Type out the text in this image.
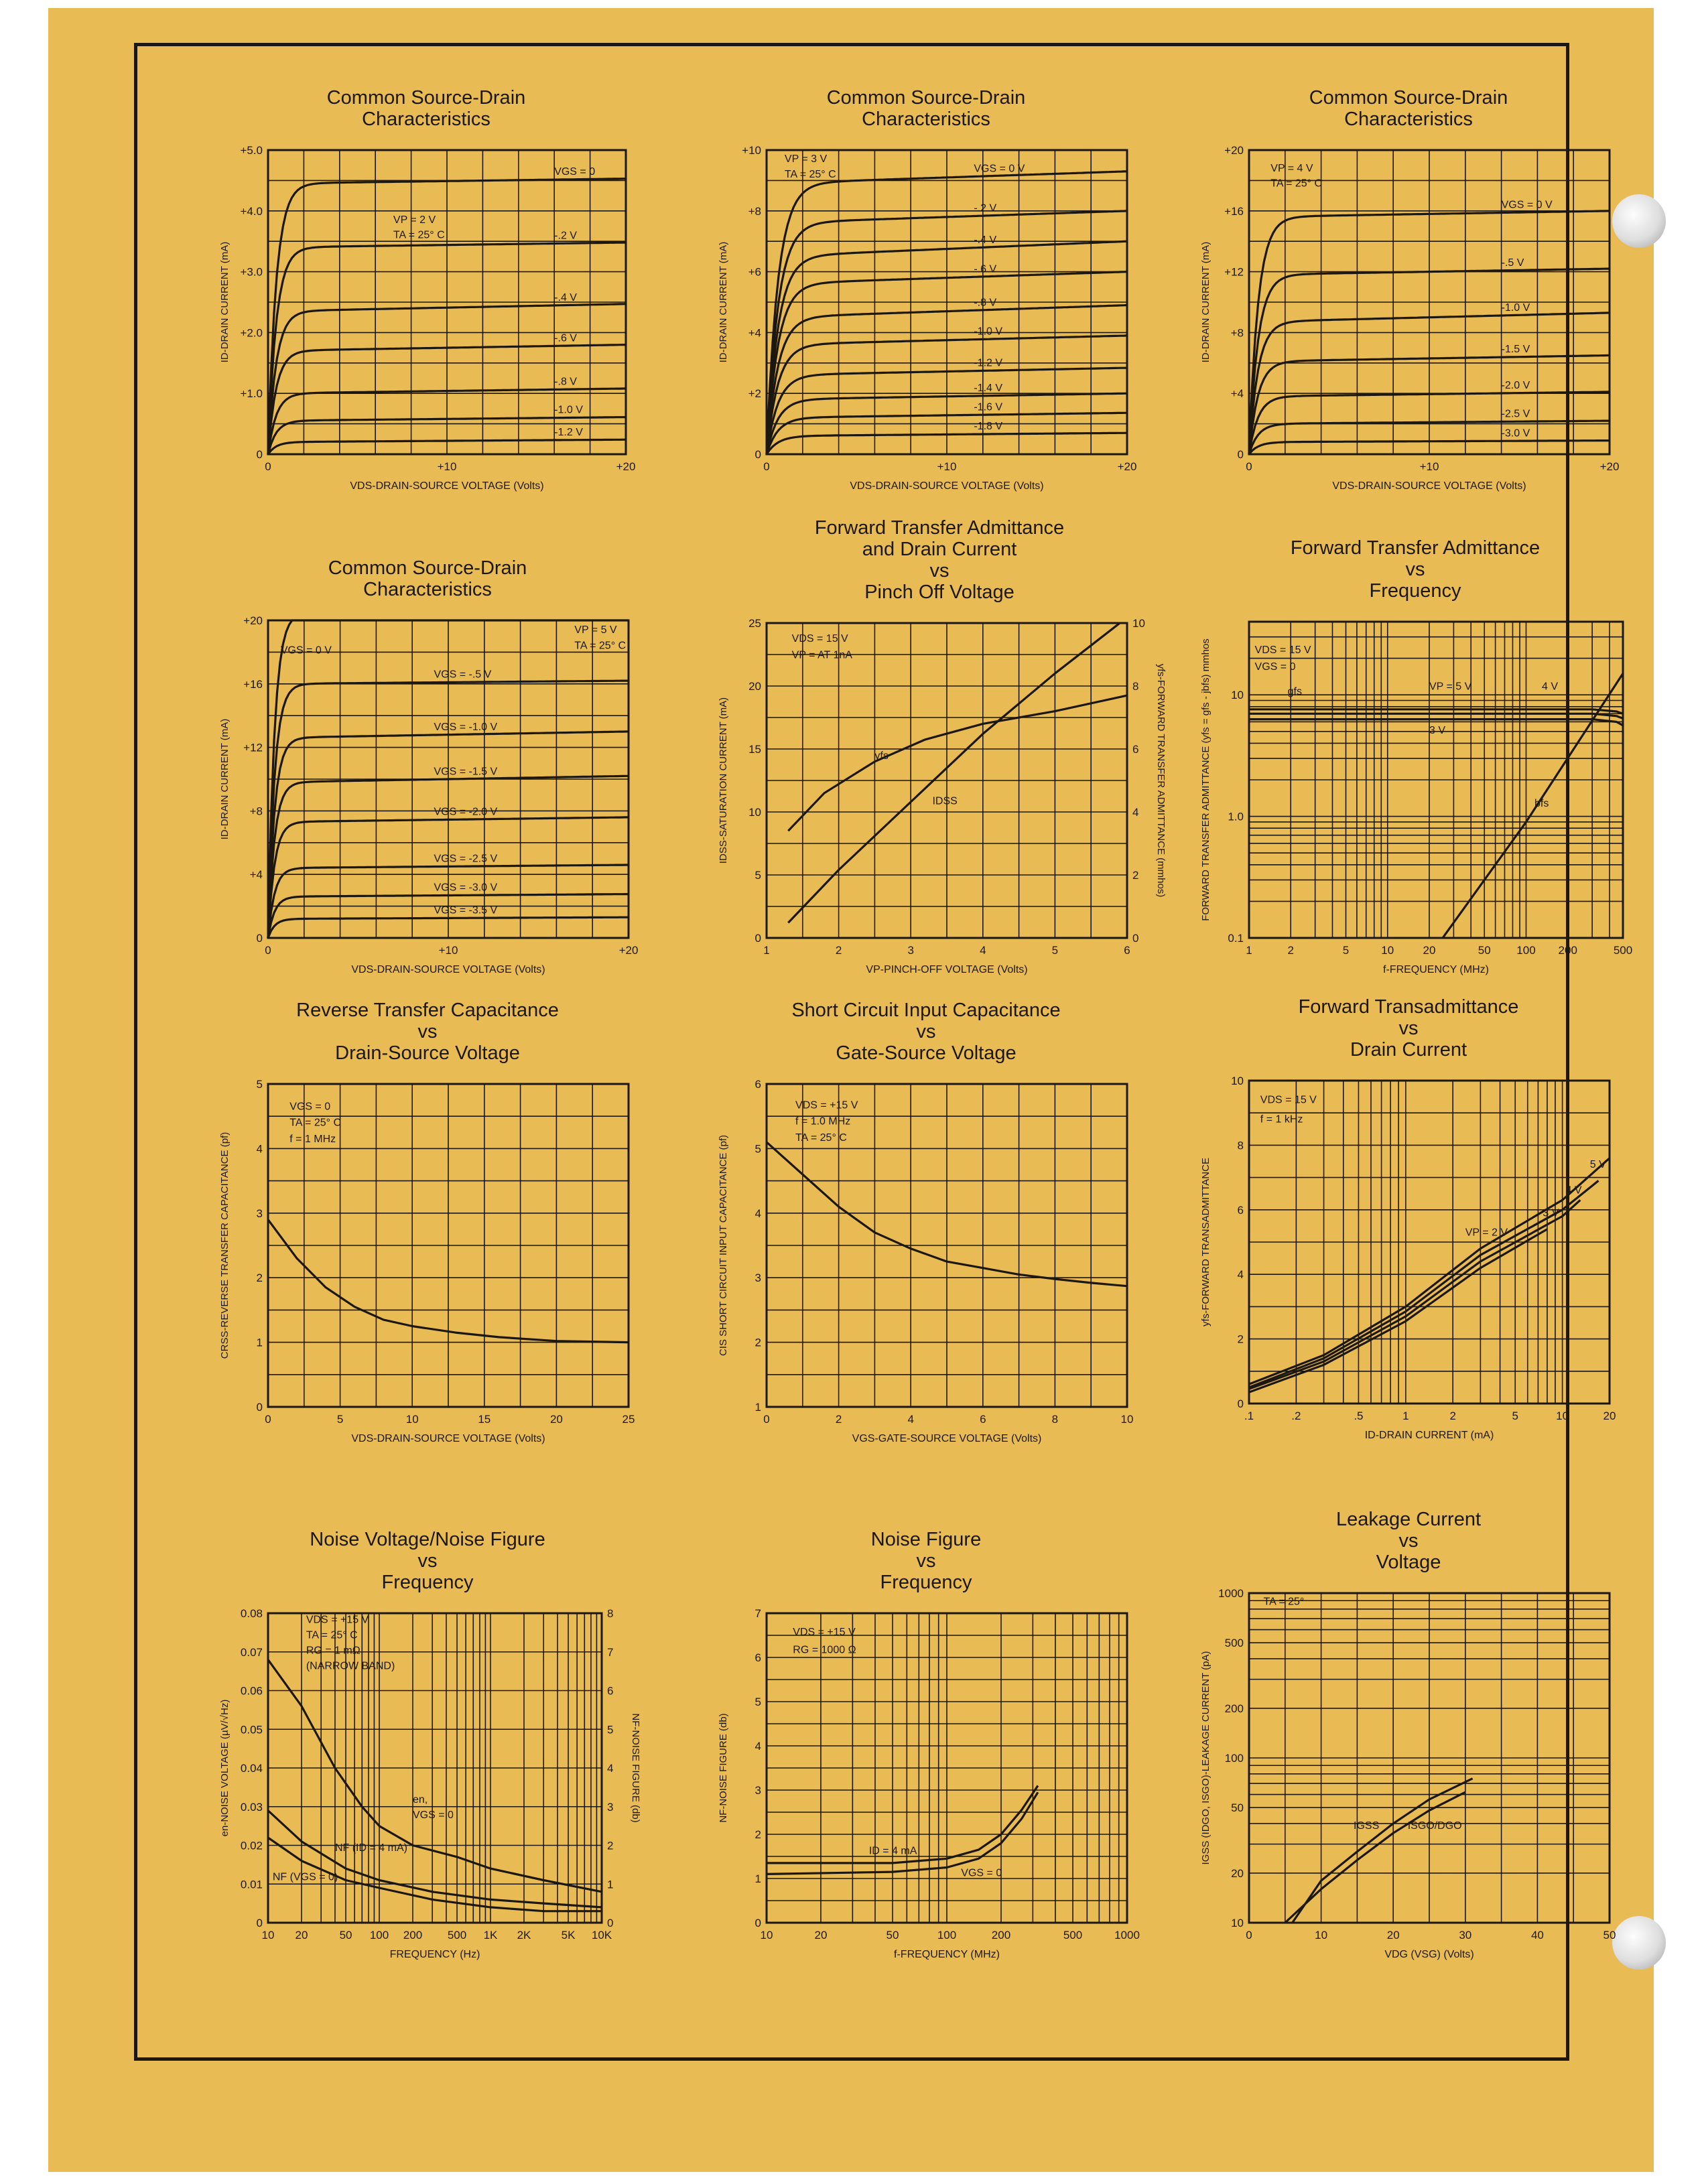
Common Source-Drain
Characteristics
0	+10	+20
0
+1.0
+2.0
+3.0
+4.0
+5.0
VDS-DRAIN-SOURCE VOLTAGE (Volts)
ID-DRAIN CURRENT (mA)
VGS = 0
-.2 V
-.4 V
-.6 V
-.8 V
-1.0 V
-1.2 V
VP = 2 V
TA = 25° C
Common Source-Drain
Characteristics
0	+10	+20
0
+2
+4
+6
+8
+10
VDS-DRAIN-SOURCE VOLTAGE (Volts)
ID-DRAIN CURRENT (mA)
VGS = 0 V
-.2 V
-.4 V
-.6 V
-.8 V
-1.0 V
-1.2 V
-1.4 V
-1.6 V
-1.8 V
VP = 3 V
TA = 25° C
Common Source-Drain
Characteristics
0	+10	+20
0
+4
+8
+12
+16
+20
VDS-DRAIN-SOURCE VOLTAGE (Volts)
ID-DRAIN CURRENT (mA)
VGS = 0 V
-.5 V
-1.0 V
-1.5 V
-2.0 V
-2.5 V
-3.0 V
VP = 4 V
TA = 25° C
Common Source-Drain
Characteristics
0	+10	+20
0
+4
+8
+12
+16
+20
VDS-DRAIN-SOURCE VOLTAGE (Volts)
ID-DRAIN CURRENT (mA)
VGS = 0 V
VGS = -.5 V
VGS = -1.0 V
VGS = -1.5 V
VGS = -2.0 V
VGS = -2.5 V
VGS = -3.0 V
VGS = -3.5 V
VP = 5 V
TA = 25° C
Forward Transfer Admittance
and Drain Current
vs
Pinch Off Voltage
1	2	3	4	5	6
0
5
10
15
20
25
0
2
4
6
8
10
VP-PINCH-OFF VOLTAGE (Volts)
IDSS-SATURATION CURRENT (mA)	yfs-FORWARD TRANSFER ADMITTANCE (mmhos)
VDS = 15 V
VP = AT 1nA
yfs
IDSS
Forward Transfer Admittance
vs
Frequency
1	2	5	10	20	50 100 200	500
0.1
1.0
10
f-FREQUENCY (MHz)
FORWARD TRANSFER ADMITTANCE (yfs = gfs - jbfs) mmhos	VDS = 15 V
VGS = 0
gfs	VP = 5 V	4 V
3 V
bfs
Reverse Transfer Capacitance
vs
Drain-Source Voltage
0	5	10	15	20	25
0
1
2
3
4
5
VDS-DRAIN-SOURCE VOLTAGE (Volts)
CRSS-REVERSE TRANSFER CAPACITANCE (pf)
VGS = 0
TA = 25° C
f = 1 MHz
Short Circuit Input Capacitance
vs
Gate-Source Voltage
0	2	4	6	8	10
1
2
3
4
5
6
VGS-GATE-SOURCE VOLTAGE (Volts)
CIS SHORT CIRCUIT INPUT CAPACITANCE (pf)
VDS = +15 V
f = 1.0 MHz
TA = 25° C
Forward Transadmittance
vs
Drain Current
.1	.2	.5	1	2	5	10	20
0
2
4
6
8
10
ID-DRAIN CURRENT (mA)
yfs-FORWARD TRANSADMITTANCE
VDS = 15 V
f = 1 kHz
VP = 2 V
3 V
4 V
5 V
Noise Voltage/Noise Figure
vs
Frequency
10 20	50 100 200 500 1K 2K	5K 10K
0
0.01
0.02
0.03
0.04
0.05
0.06
0.07
0.08
0
1
2
3
4
5
6
7
8
FREQUENCY (Hz)
en-NOISE VOLTAGE (µV/√Hz)	NF-NOISE FIGURE (db)
VDS = +15 V
TA = 25° C
RG = 1 mΩ
(NARROW BAND)
en,
VGS = 0
NF (ID = 4 mA)
NF (VGS = 0)
Noise Figure
vs
Frequency
10	20	50	100	200	500	1000
0
1
2
3
4
5
6
7
f-FREQUENCY (MHz)
NF-NOISE FIGURE (db)
VDS = +15 V
RG = 1000 Ω
ID = 4 mA
VGS = 0
Leakage Current
vs
Voltage
0	10	20	30	40	50
10
20
50
100
200
500
1000
VDG (VSG) (Volts)
IGSS (IDGO, ISGO)-LEAKAGE CURRENT (pA)
TA = 25°
IGSS	ISGO/DGO
